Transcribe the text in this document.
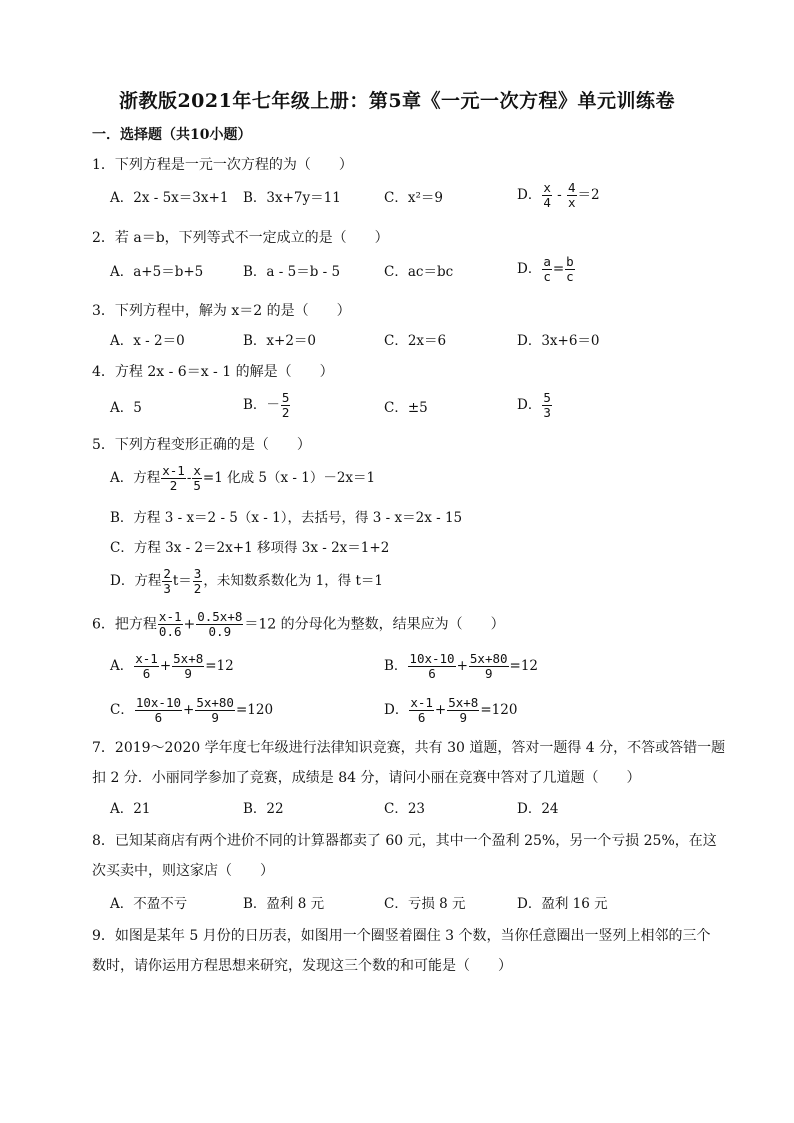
浙教版2021年七年级上册：第5章《一元一次方程》单元训练卷
一．选择题（共10小题）
1．下列方程是一元一次方程的为（　　）
A．2x - 5x＝3x+1 B．3x+7y＝11	C．x²＝9	D． $\frac{x}{4} - \frac{4}{x} =2$
2．若 a＝b，下列等式不一定成立的是（　　）
A．a+5＝b+5	B．a - 5＝b - 5	C．ac＝bc	D． $\frac{a}{c} = \frac{b}{c}$
3．下列方程中，解为 x＝2 的是（　　）
A．x - 2＝0	B．x+2＝0	C．2x＝6	D．3x+6＝0
4．方程 2x - 6＝x - 1 的解是（　　）
A．5	B．－ $\frac{5}{2}$	C．±5	D． $\frac{5}{3}$
5．下列方程变形正确的是（　　）
A．方程 $\frac{x-1}{2} - \frac{x}{5} =1$ 化成 5（x - 1）－2x＝1
B．方程 3 - x＝2 - 5（x - 1），去括号，得 3 - x＝2x - 15
C．方程 3x - 2＝2x+1 移项得 3x - 2x＝1+2
D．方程 $\frac{2}{3} t= \frac{3}{2}$ ，未知数系数化为 1，得 t＝1
6．把方程 $\frac{x-1}{0.6} + \frac{0.5x+8}{0.9} =12$ 的分母化为整数，结果应为（　　）
A． $\frac{x-1}{6} + \frac{5x+8}{9} =12$	B． $\frac{10x-10}{6} + \frac{5x+80}{9} =12$
C． $\frac{10x-10}{6} + \frac{5x+80}{9} =120$	D． $\frac{x-1}{6} + \frac{5x+8}{9} =120$
7．2019～2020 学年度七年级进行法律知识竞赛，共有 30 道题，答对一题得 4 分，不答或答错一题
扣 2 分．小丽同学参加了竞赛，成绩是 84 分，请问小丽在竞赛中答对了几道题（　　）
A．21	B．22	C．23	D．24
8．已知某商店有两个进价不同的计算器都卖了 60 元，其中一个盈利 25%，另一个亏损 25%，在这
次买卖中，则这家店（　　）
A．不盈不亏	B．盈利 8 元	C．亏损 8 元	D．盈利 16 元
9．如图是某年 5 月份的日历表，如图用一个圈竖着圈住 3 个数，当你任意圈出一竖列上相邻的三个
数时，请你运用方程思想来研究，发现这三个数的和可能是（　　）
